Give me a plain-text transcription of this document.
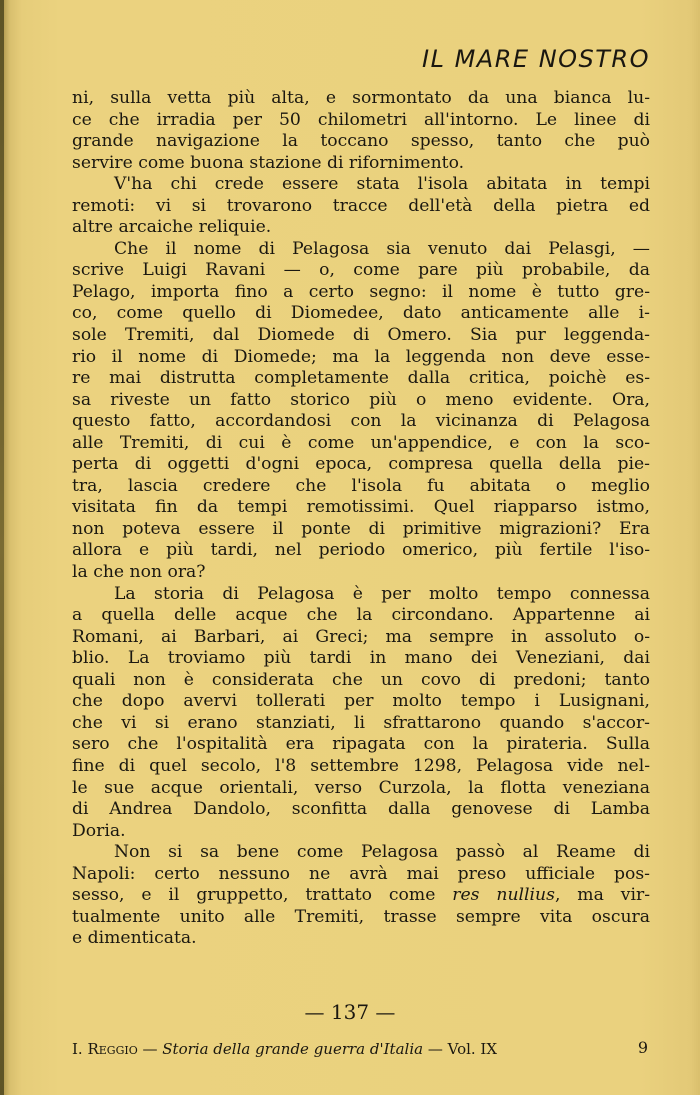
IL MARE NOSTRO
ni, sulla vetta più alta, e sormontato da una bianca lu-
ce che irradia per 50 chilometri all'intorno. Le linee di
grande navigazione la toccano spesso, tanto che può
servire come buona stazione di rifornimento.
V'ha chi crede essere stata l'isola abitata in tempi
remoti: vi si trovarono tracce dell'età della pietra ed
altre arcaiche reliquie.
Che il nome di Pelagosa sia venuto dai Pelasgi, —
scrive Luigi Ravani — o, come pare più probabile, da
Pelago, importa fino a certo segno: il nome è tutto gre-
co, come quello di Diomedee, dato anticamente alle i-
sole Tremiti, dal Diomede di Omero. Sia pur leggenda-
rio il nome di Diomede; ma la leggenda non deve esse-
re mai distrutta completamente dalla critica, poichè es-
sa riveste un fatto storico più o meno evidente. Ora,
questo fatto, accordandosi con la vicinanza di Pelagosa
alle Tremiti, di cui è come un'appendice, e con la sco-
perta di oggetti d'ogni epoca, compresa quella della pie-
tra, lascia credere che l'isola fu abitata o meglio
visitata fin da tempi remotissimi. Quel riapparso istmo,
non poteva essere il ponte di primitive migrazioni? Era
allora e più tardi, nel periodo omerico, più fertile l'iso-
la che non ora?
La storia di Pelagosa è per molto tempo connessa
a quella delle acque che la circondano. Appartenne ai
Romani, ai Barbari, ai Greci; ma sempre in assoluto o-
blio. La troviamo più tardi in mano dei Veneziani, dai
quali non è considerata che un covo di predoni; tanto
che dopo avervi tollerati per molto tempo i Lusignani,
che vi si erano stanziati, li sfrattarono quando s'accor-
sero che l'ospitalità era ripagata con la pirateria. Sulla
fine di quel secolo, l'8 settembre 1298, Pelagosa vide nel-
le sue acque orientali, verso Curzola, la flotta veneziana
di Andrea Dandolo, sconfitta dalla genovese di Lamba
Doria.
Non si sa bene come Pelagosa passò al Reame di
Napoli: certo nessuno ne avrà mai preso ufficiale pos-
sesso, e il gruppetto, trattato come res nullius, ma vir-
tualmente unito alle Tremiti, trasse sempre vita oscura
e dimenticata.
— 137 —
I. Reggio — Storia della grande guerra d'Italia — Vol. IX	9
